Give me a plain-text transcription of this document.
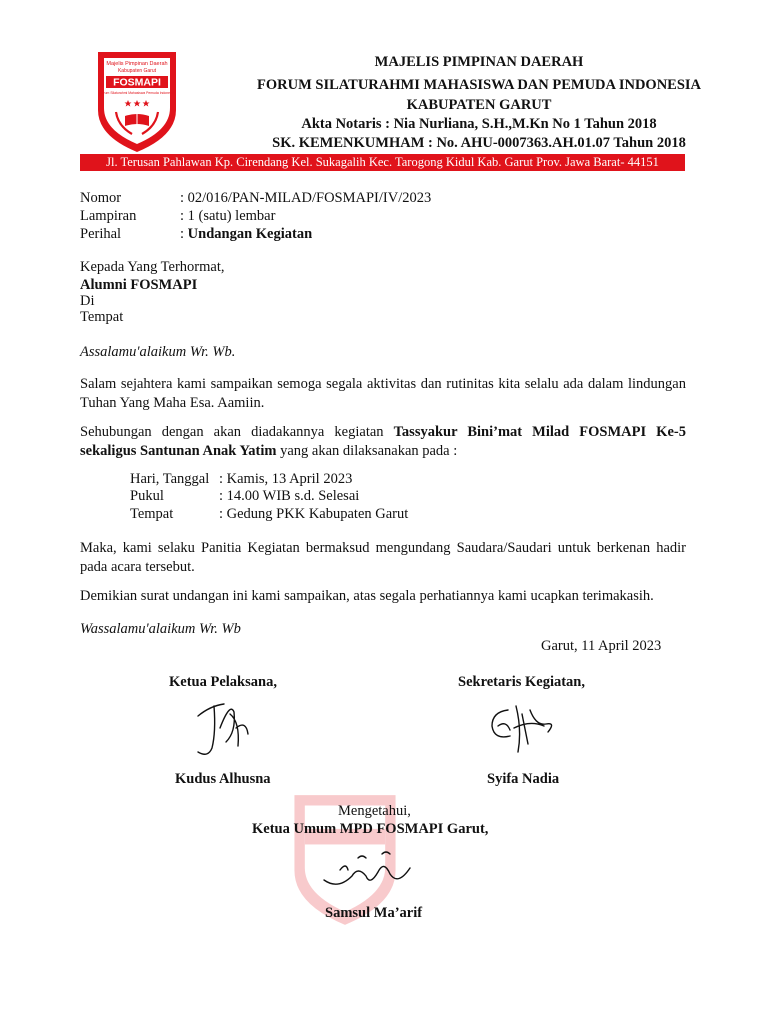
Majelis Pimpinan Daerah
Kabupaten Garut
FOSMAPI
Forum Silaturahmi Mahasiswa Pemuda Indonesia
MAJELIS PIMPINAN DAERAH
FORUM SILATURAHMI MAHASISWA DAN PEMUDA INDONESIA
KABUPATEN GARUT
Akta Notaris : Nia Nurliana, S.H.,M.Kn No 1 Tahun 2018
SK. KEMENKUMHAM : No. AHU-0007363.AH.01.07 Tahun 2018
Jl. Terusan Pahlawan Kp. Cirendang Kel. Sukagalih Kec. Tarogong Kidul Kab. Garut Prov. Jawa Barat- 44151
Nomor	: 02/016/PAN-MILAD/FOSMAPI/IV/2023
Lampiran	: 1 (satu) lembar
Perihal	: Undangan Kegiatan
Kepada Yang Terhormat,
Alumni FOSMAPI
Di
Tempat
Assalamu'alaikum Wr. Wb.
Salam sejahtera kami sampaikan semoga segala aktivitas dan rutinitas kita selalu ada dalam lindungan Tuhan Yang Maha Esa. Aamiin.
Sehubungan dengan akan diadakannya kegiatan Tassyakur Bini’mat Milad FOSMAPI Ke-5 sekaligus Santunan Anak Yatim yang akan dilaksanakan pada :
Hari, Tanggal : Kamis, 13 April 2023
Pukul	: 14.00 WIB s.d. Selesai
Tempat	: Gedung PKK Kabupaten Garut
Maka, kami selaku Panitia Kegiatan bermaksud mengundang Saudara/Saudari untuk berkenan hadir pada acara tersebut.
Demikian surat undangan ini kami sampaikan, atas segala perhatiannya kami ucapkan terimakasih.
Wassalamu'alaikum Wr. Wb
Garut, 11 April 2023
Ketua Pelaksana,	Sekretaris Kegiatan,
Kudus Alhusna	Syifa Nadia
Mengetahui,
Ketua Umum MPD FOSMAPI Garut,
Samsul Ma’arif
